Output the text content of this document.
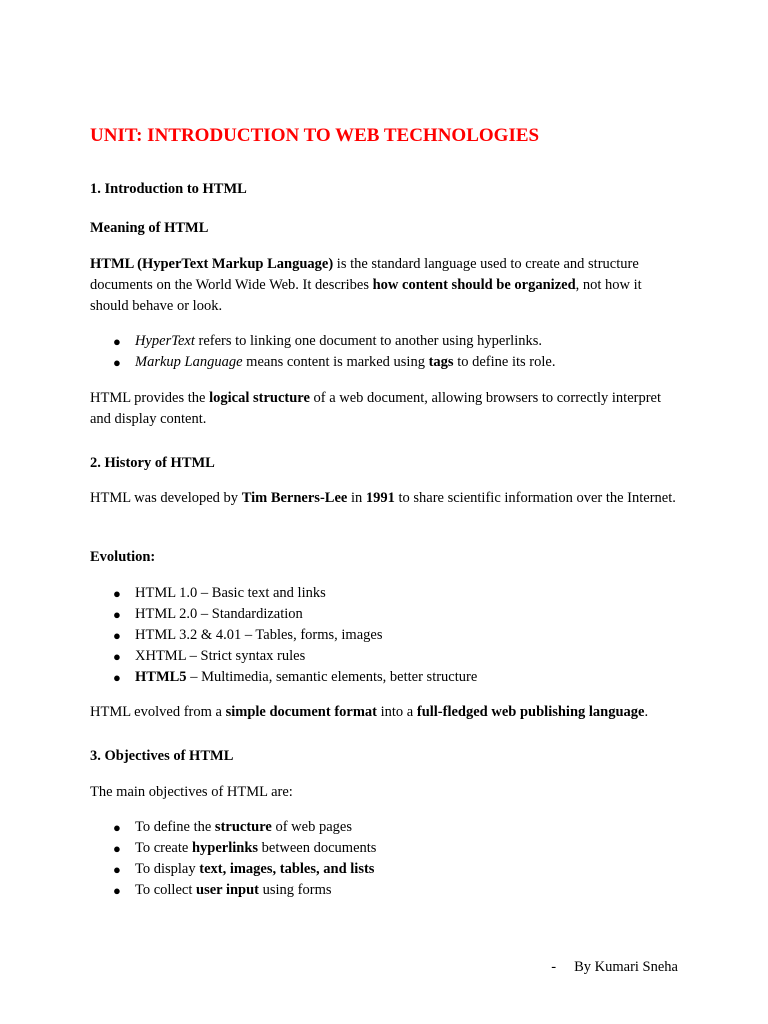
UNIT: INTRODUCTION TO WEB TECHNOLOGIES

1. Introduction to HTML

Meaning of HTML

HTML (HyperText Markup Language) is the standard language used to create and structure documents on the World Wide Web. It describes how content should be organized, not how it should behave or look.

● HyperText refers to linking one document to another using hyperlinks.
● Markup Language means content is marked using tags to define its role.

HTML provides the logical structure of a web document, allowing browsers to correctly interpret and display content.

2. History of HTML

HTML was developed by Tim Berners-Lee in 1991 to share scientific information over the Internet.

Evolution:

● HTML 1.0 – Basic text and links
● HTML 2.0 – Standardization
● HTML 3.2 & 4.01 – Tables, forms, images
● XHTML – Strict syntax rules
● HTML5 – Multimedia, semantic elements, better structure

HTML evolved from a simple document format into a full-fledged web publishing language.

3. Objectives of HTML

The main objectives of HTML are:

● To define the structure of web pages
● To create hyperlinks between documents
● To display text, images, tables, and lists
● To collect user input using forms
- By Kumari Sneha
